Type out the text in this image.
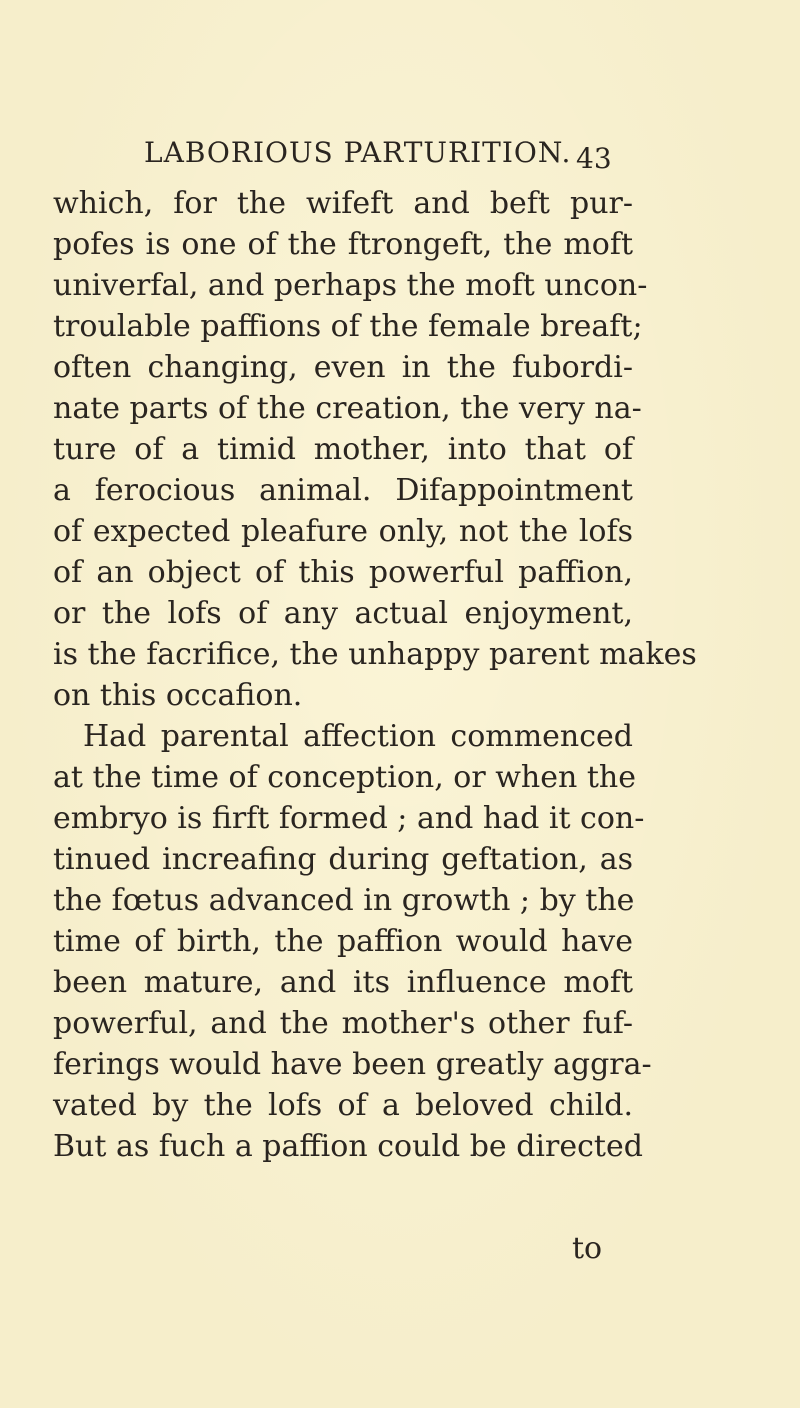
LABORIOUS PARTURITION. 43
which, for the wifeft and beft pur-
pofes is one of the ftrongeft, the moft
univerfal, and perhaps the moft uncon-
troulable paffions of the female breaft;
often changing, even in the fubordi-
nate parts of the creation, the very na-
ture of a timid mother, into that of
a ferocious animal. Difappointment
of expected pleafure only, not the lofs
of an object of this powerful paffion,
or the lofs of any actual enjoyment,
is the facrifice, the unhappy parent makes
on this occafion.
Had parental affection commenced
at the time of conception, or when the
embryo is firft formed ; and had it con-
tinued increafing during geftation, as
the fœtus advanced in growth ; by the
time of birth, the paffion would have
been mature, and its influence moft
powerful, and the mother's other fuf-
ferings would have been greatly aggra-
vated by the lofs of a beloved child.
But as fuch a paffion could be directed
to
